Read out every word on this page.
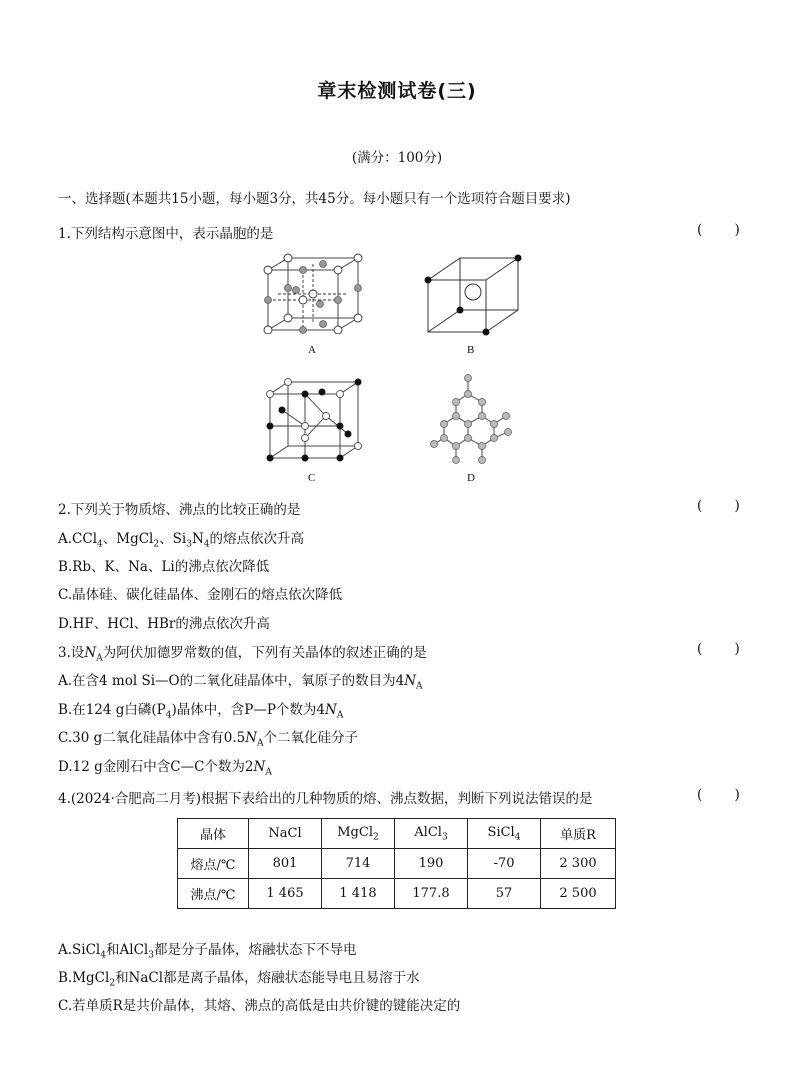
章末检测试卷(三)
(满分：100分)
一、选择题(本题共15小题，每小题3分，共45分。每小题只有一个选项符合题目要求)
1.下列结构示意图中，表示晶胞的是	( )
A	B
C	D
2.下列关于物质熔、沸点的比较正确的是	( )
A.CCl$_4$、MgCl$_2$、$Si_3N_4$的熔点依次升高
B.Rb、K、Na、Li的沸点依次降低
C.晶体硅、碳化硅晶体、金刚石的熔点依次降低
D.HF、HCl、HBr的沸点依次升高
3.设$N_A$为阿伏加德罗常数的值，下列有关晶体的叙述正确的是	( )
A.在含4 mol Si—O的二氧化硅晶体中，氧原子的数目为$4N_A$
B.在124 g白磷$(P_4)$晶体中，含P—P个数为$4N_A$
C.30 g二氧化硅晶体中含有$0.5N_A$个二氧化硅分子
D.12 g金刚石中含C—C个数为$2N_A$
4.(2024·合肥高二月考)根据下表给出的几种物质的熔、沸点数据，判断下列说法错误的是	( )
晶体	NaCl	MgCl$_2$	AlCl$_3$	SiCl$_4$	单质R
熔点/℃	801	714	190	-70	2 300
沸点/℃	1 465	1 418	177.8	57	2 500
A.SiCl$_4$和AlCl$_3$都是分子晶体，熔融状态下不导电
B.MgCl$_2$和NaCl都是离子晶体，熔融状态能导电且易溶于水
C.若单质R是共价晶体，其熔、沸点的高低是由共价键的键能决定的
